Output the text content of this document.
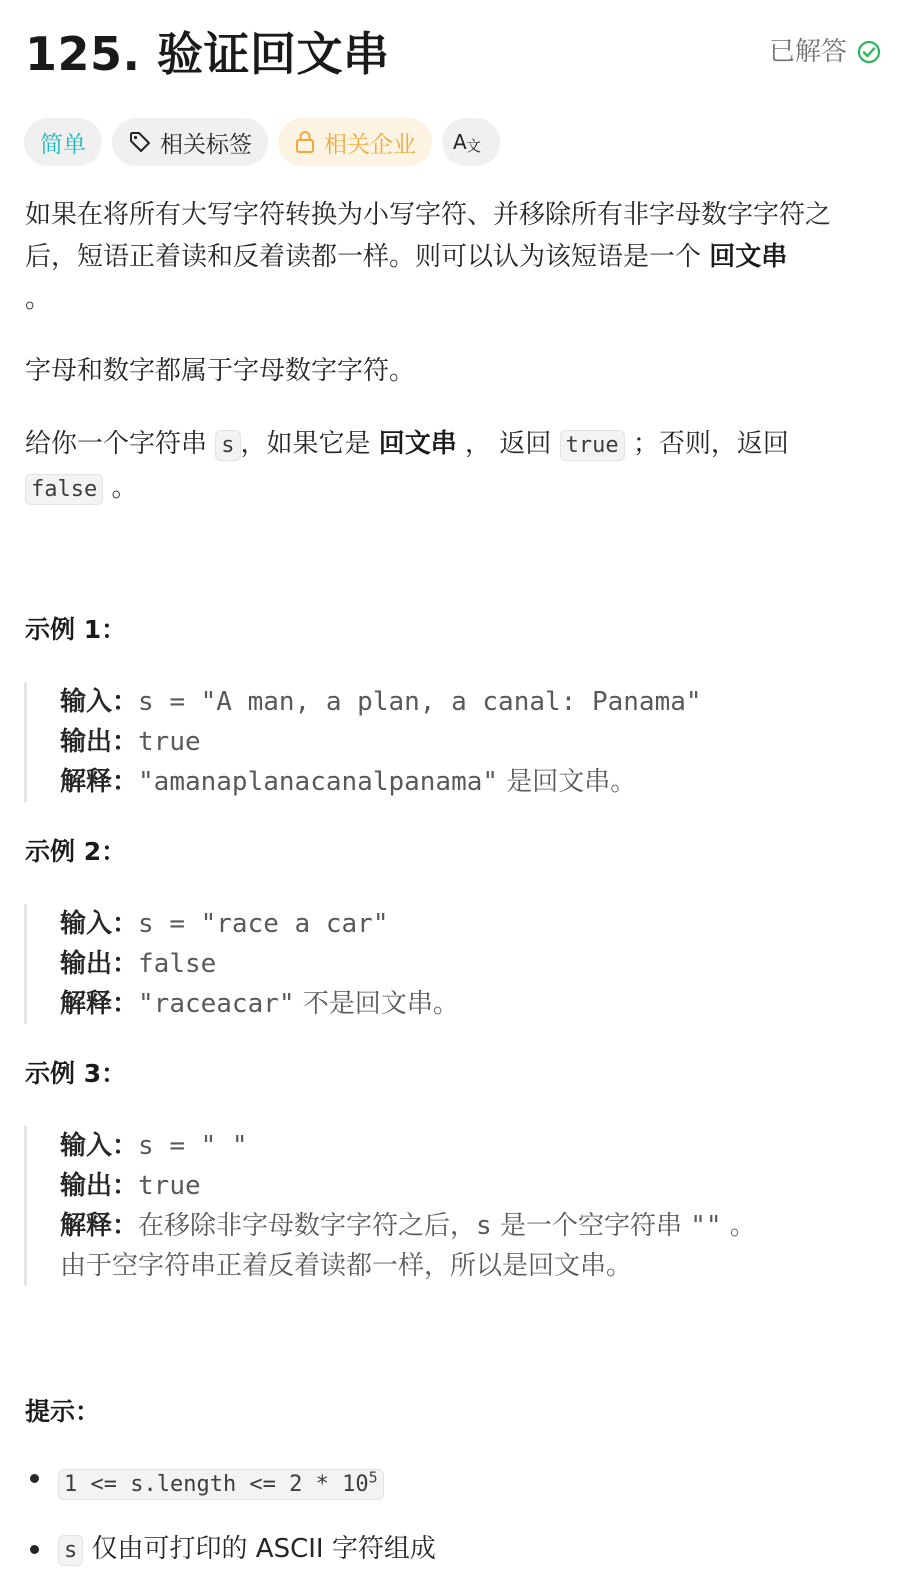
125. 验证回文串	已解答
简单	相关标签	相关企业 A 文
如果在将所有大写字符转换为小写字符、并移除所有非字母数字字符之后，短语正着读和反着读都一样。则可以认为该短语是一个 回文串
。
字母和数字都属于字母数字字符。
给你一个字符串 s ，如果它是 回文串 ， 返回 true ；否则，返回
false 。
示例 1：
输入：s = "A man, a plan, a canal: Panama"
输出：true
解释："amanaplanacanalpanama" 是回文串。
示例 2：
输入：s = "race a car"
输出：false
解释："raceacar" 不是回文串。
示例 3：
输入：s = " "
输出：true
解释：在移除非字母数字字符之后，s 是一个空字符串 "" 。
由于空字符串正着反着读都一样，所以是回文串。
提示：
1 <= s.length <= $2 * 10^5$
s 仅由可打印的 ASCII 字符组成
